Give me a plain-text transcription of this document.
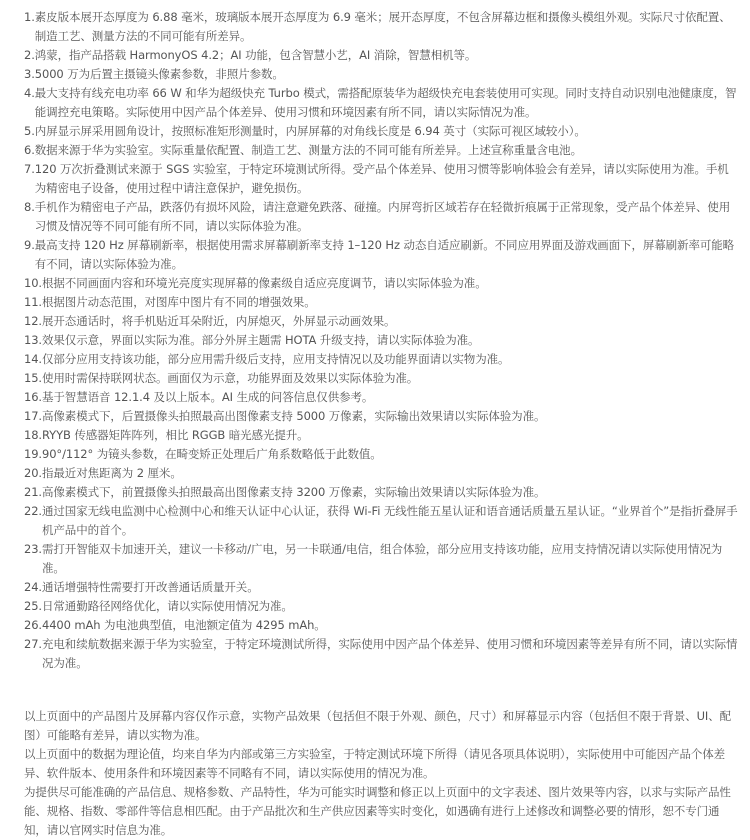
1. 素皮版本展开态厚度为 6.88 毫米，玻璃版本展开态厚度为 6.9 毫米；展开态厚度，不包含屏幕边框和摄像头模组外观。实际尺寸依配置、制造工艺、测量方法的不同可能有所差异。
2. 鸿蒙，指产品搭载 HarmonyOS 4.2；AI 功能，包含智慧小艺，AI 消除，智慧相机等。
3. 5000 万为后置主摄镜头像素参数，非照片参数。
4. 最大支持有线充电功率 66 W 和华为超级快充 Turbo 模式，需搭配原装华为超级快充电套装使用可实现。同时支持自动识别电池健康度，智能调控充电策略。实际使用中因产品个体差异、使用习惯和环境因素有所不同，请以实际情况为准。
5. 内屏显示屏采用圆角设计，按照标准矩形测量时，内屏屏幕的对角线长度是 6.94 英寸（实际可视区域较小）。
6. 数据来源于华为实验室。实际重量依配置、制造工艺、测量方法的不同可能有所差异。上述宣称重量含电池。
7. 120 万次折叠测试来源于 SGS 实验室，于特定环境测试所得。受产品个体差异、使用习惯等影响体验会有差异，请以实际使用为准。手机为精密电子设备，使用过程中请注意保护，避免损伤。
8. 手机作为精密电子产品，跌落仍有损坏风险，请注意避免跌落、碰撞。内屏弯折区域若存在轻微折痕属于正常现象，受产品个体差异、使用习惯及情况等不同可能有所不同，请以实际体验为准。
9. 最高支持 120 Hz 屏幕刷新率，根据使用需求屏幕刷新率支持 1–120 Hz 动态自适应刷新。不同应用界面及游戏画面下，屏幕刷新率可能略有不同，请以实际体验为准。
10. 根据不同画面内容和环境光亮度实现屏幕的像素级自适应亮度调节，请以实际体验为准。
11. 根据图片动态范围，对图库中图片有不同的增强效果。
12. 展开态通话时，将手机贴近耳朵附近，内屏熄灭，外屏显示动画效果。
13. 效果仅示意，界面以实际为准。部分外屏主题需 HOTA 升级支持，请以实际体验为准。
14. 仅部分应用支持该功能，部分应用需升级后支持，应用支持情况以及功能界面请以实物为准。
15. 使用时需保持联网状态。画面仅为示意，功能界面及效果以实际体验为准。
16. 基于智慧语音 12.1.4 及以上版本。AI 生成的问答信息仅供参考。
17. 高像素模式下，后置摄像头拍照最高出图像素支持 5000 万像素，实际输出效果请以实际体验为准。
18. RYYB 传感器矩阵阵列，相比 RGGB 暗光感光提升。
19. 90°/112° 为镜头参数，在畸变矫正处理后广角系数略低于此数值。
20. 指最近对焦距离为 2 厘米。
21. 高像素模式下，前置摄像头拍照最高出图像素支持 3200 万像素，实际输出效果请以实际体验为准。
22. 通过国家无线电监测中心检测中心和维天认证中心认证，获得 Wi-Fi 无线性能五星认证和语音通话质量五星认证。“业界首个”是指折叠屏手机产品中的首个。
23. 需打开智能双卡加速开关，建议一卡移动/广电，另一卡联通/电信，组合体验，部分应用支持该功能，应用支持情况请以实际使用情况为准。
24. 通话增强特性需要打开改善通话质量开关。
25. 日常通勤路径网络优化，请以实际使用情况为准。
26. 4400 mAh 为电池典型值，电池额定值为 4295 mAh。
27. 充电和续航数据来源于华为实验室，于特定环境测试所得，实际使用中因产品个体差异、使用习惯和环境因素等差异有所不同，请以实际情况为准。

以上页面中的产品图片及屏幕内容仅作示意，实物产品效果（包括但不限于外观、颜色，尺寸）和屏幕显示内容（包括但不限于背景、UI、配图）可能略有差异，请以实物为准。

以上页面中的数据为理论值，均来自华为内部或第三方实验室，于特定测试环境下所得（请见各项具体说明），实际使用中可能因产品个体差异、软件版本、使用条件和环境因素等不同略有不同，请以实际使用的情况为准。

为提供尽可能准确的产品信息、规格参数、产品特性，华为可能实时调整和修正以上页面中的文字表述、图片效果等内容，以求与实际产品性能、规格、指数、零部件等信息相匹配。由于产品批次和生产供应因素等实时变化，如遇确有进行上述修改和调整必要的情形，恕不专门通知，请以官网实时信息为准。
